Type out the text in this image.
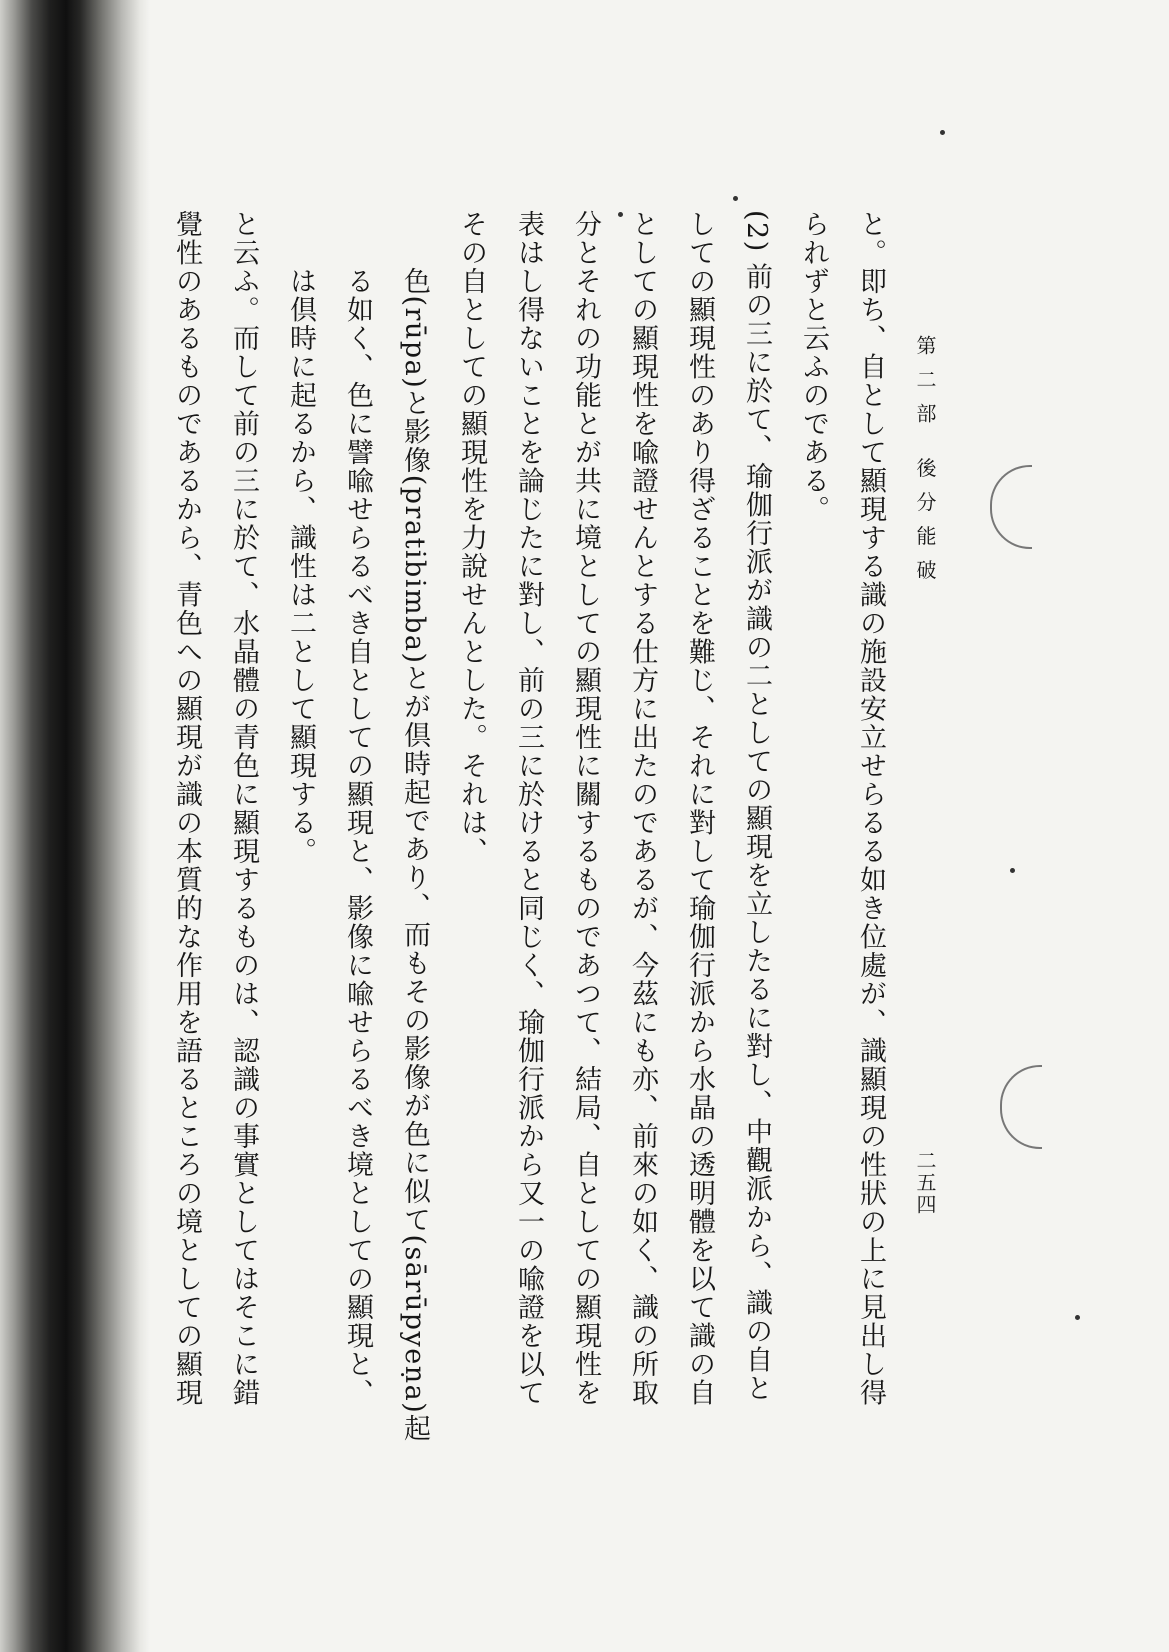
第二部 後分能破
二五四

と。即ち、自として顯現する識の施設安立せらるる如き位處が、識顯現の性狀の上に見出し得

られずと云ふのである。

(2) 前の三に於て、瑜伽行派が識の二としての顯現を立したるに對し、中觀派から、識の自と

しての顯現性のあり得ざることを難じ、それに對して瑜伽行派から水晶の透明體を以て識の自

としての顯現性を喩證せんとする仕方に出たのであるが、今茲にも亦、前來の如く、識の所取

分とそれの功能とが共に境としての顯現性に關するものであつて、結局、自としての顯現性を

表はし得ないことを論じたに對し、前の三に於けると同じく、瑜伽行派から又一の喩證を以て

その自としての顯現性を力說せんとした。それは、

色(rūpa)と影像(pratibimba)とが倶時起であり、而もその影像が色に似て(sārūpyeṇa)起

る如く、色に譬喩せらるべき自としての顯現と、影像に喩せらるべき境としての顯現と、

は倶時に起るから、識性は二として顯現する。

と云ふ。而して前の三に於て、水晶體の青色に顯現するものは、認識の事實としてはそこに錯

覺性のあるものであるから、青色への顯現が識の本質的な作用を語るところの境としての顯現
